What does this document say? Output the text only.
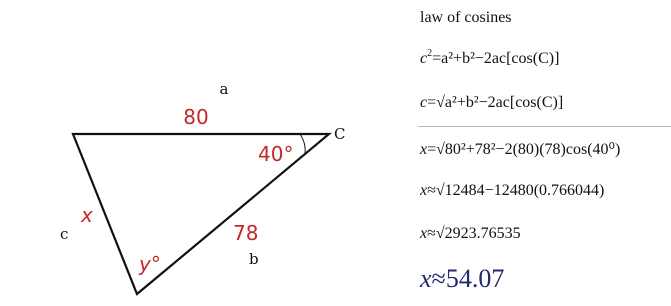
a
C
c
b
80
40°
78
x
y°
law of cosines
$c^2=a^2+b^2-2ac[\cos(C)]$
c=√a²+b²−2ac[cos(C)]
x=√80²+78²−2(80)(78)cos(40⁰)
x≈√12484−12480(0.766044)
x≈√2923.76535
x≈54.07
